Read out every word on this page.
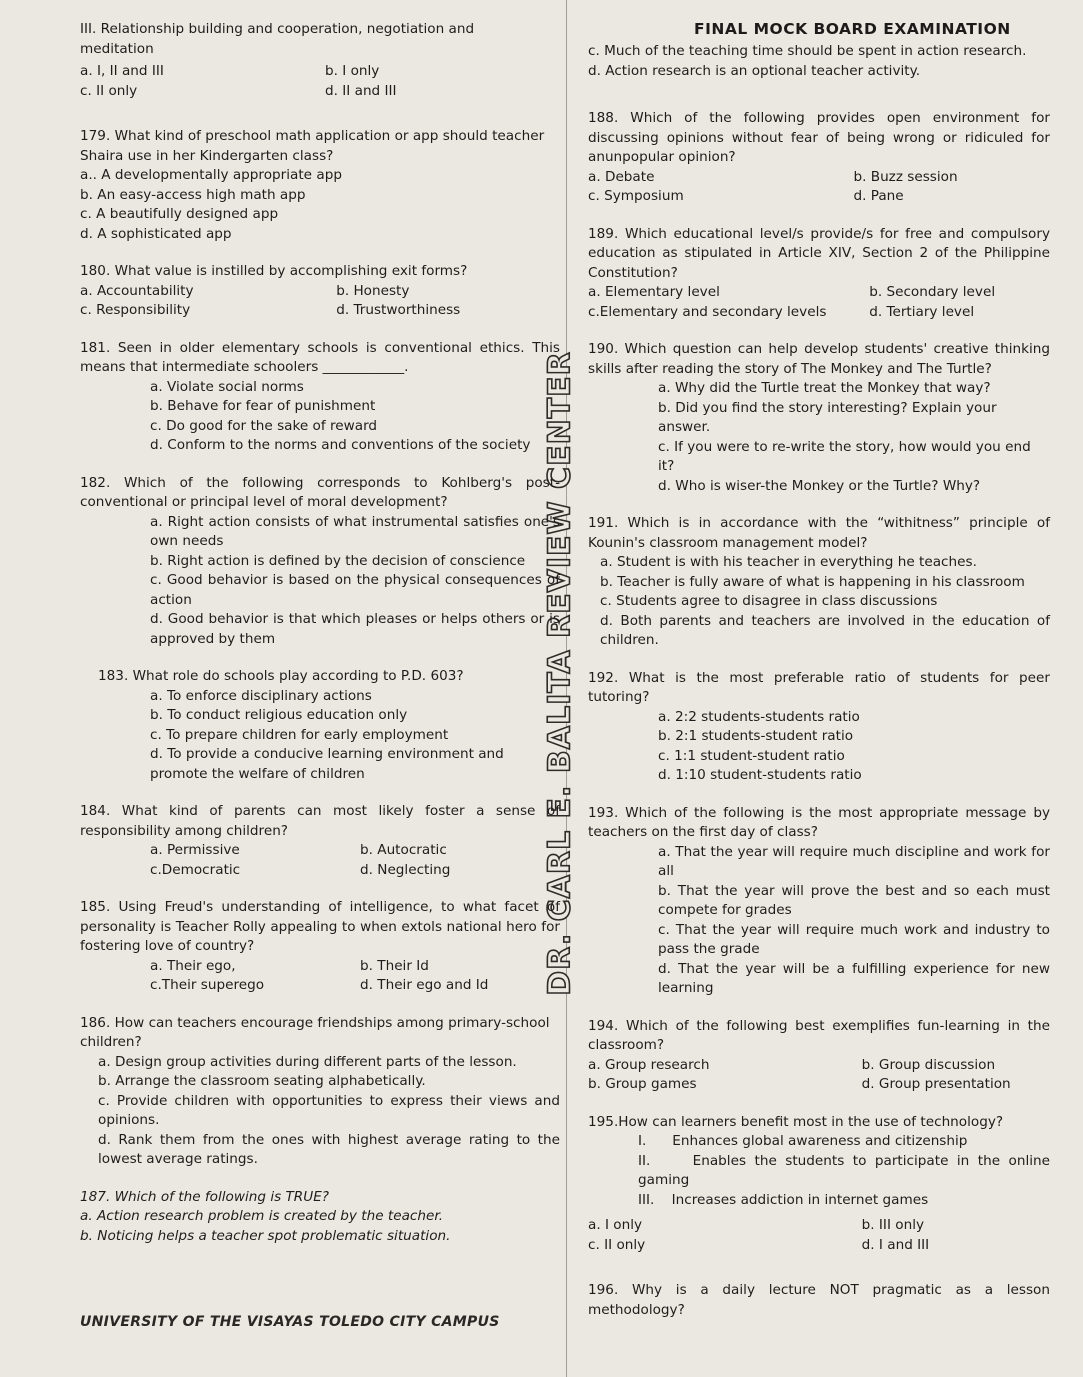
FINAL MOCK BOARD EXAMINATION
DR. CARL E. BALITA REVIEW CENTER

III. Relationship building and cooperation, negotiation and

meditation

a. I, II and III	b. I only

c. II only	d. II and III

179. What kind of preschool math application or app should teacher Shaira use in her Kindergarten class?

a.. A developmentally appropriate app

b. An easy-access high math app

c. A beautifully designed app

d. A sophisticated app

180. What value is instilled by accomplishing exit forms?

a. Accountability	b. Honesty

c. Responsibility	d. Trustworthiness

181. Seen in older elementary schools is conventional ethics. This means that intermediate schoolers ____________.

a. Violate social norms

b. Behave for fear of punishment

c. Do good for the sake of reward

d. Conform to the norms and conventions of the society

182. Which of the following corresponds to Kohlberg's post-conventional or principal level of moral development?

a. Right action consists of what instrumental satisfies one's own needs

b. Right action is defined by the decision of conscience

c. Good behavior is based on the physical consequences of action

d. Good behavior is that which pleases or helps others or is approved by them

183. What role do schools play according to P.D. 603?

a. To enforce disciplinary actions

b. To conduct religious education only

c. To prepare children for early employment

d. To provide a conducive learning environment and promote the welfare of children

184. What kind of parents can most likely foster a sense of responsibility among children?

a. Permissive	b. Autocratic

c.Democratic	d. Neglecting

185. Using Freud's understanding of intelligence, to what facet of personality is Teacher Rolly appealing to when extols national hero for fostering love of country?

a. Their ego,	b. Their Id

c.Their superego	d. Their ego and Id

186. How can teachers encourage friendships among primary-school children?

a. Design group activities during different parts of the lesson.

b. Arrange the classroom seating alphabetically.

c. Provide children with opportunities to express their views and opinions.

d. Rank them from the ones with highest average rating to the lowest average ratings.

187. Which of the following is TRUE?

a. Action research problem is created by the teacher.

b. Noticing helps a teacher spot problematic situation.

UNIVERSITY OF THE VISAYAS TOLEDO CITY CAMPUS

c. Much of the teaching time should be spent in action research.

d. Action research is an optional teacher activity.

188. Which of the following provides open environment for discussing opinions without fear of being wrong or ridiculed for anunpopular opinion?

a. Debate	b. Buzz session

c. Symposium	d. Pane

189. Which educational level/s provide/s for free and compulsory education as stipulated in Article XIV, Section 2 of the Philippine Constitution?

a. Elementary level	b. Secondary level

c.Elementary and secondary levels	d. Tertiary level

190. Which question can help develop students' creative thinking skills after reading the story of The Monkey and The Turtle?

a. Why did the Turtle treat the Monkey that way?

b. Did you find the story interesting? Explain your answer.

c. If you were to re-write the story, how would you end it?

d. Who is wiser-the Monkey or the Turtle? Why?

191. Which is in accordance with the “withitness” principle of Kounin's classroom management model?

a. Student is with his teacher in everything he teaches.

b. Teacher is fully aware of what is happening in his classroom

c. Students agree to disagree in class discussions

d. Both parents and teachers are involved in the education of children.

192. What is the most preferable ratio of students for peer tutoring?

a. 2:2 students-students ratio

b. 2:1 students-student ratio

c. 1:1 student-student ratio

d. 1:10 student-students ratio

193. Which of the following is the most appropriate message by teachers on the first day of class?

a. That the year will require much discipline and work for all

b. That the year will prove the best and so each must compete for grades

c. That the year will require much work and industry to pass the grade

d. That the year will be a fulfilling experience for new learning

194. Which of the following best exemplifies fun-learning in the classroom?

a. Group research	b. Group discussion

b. Group games	d. Group presentation

195.How can learners benefit most in the use of technology?

I.      Enhances global awareness and citizenship

II.     Enables the students to participate in the online gaming

III.    Increases addiction in internet games

a. I only	b. III only

c. II only	d. I and III

196. Why is a daily lecture NOT pragmatic as a lesson methodology?
